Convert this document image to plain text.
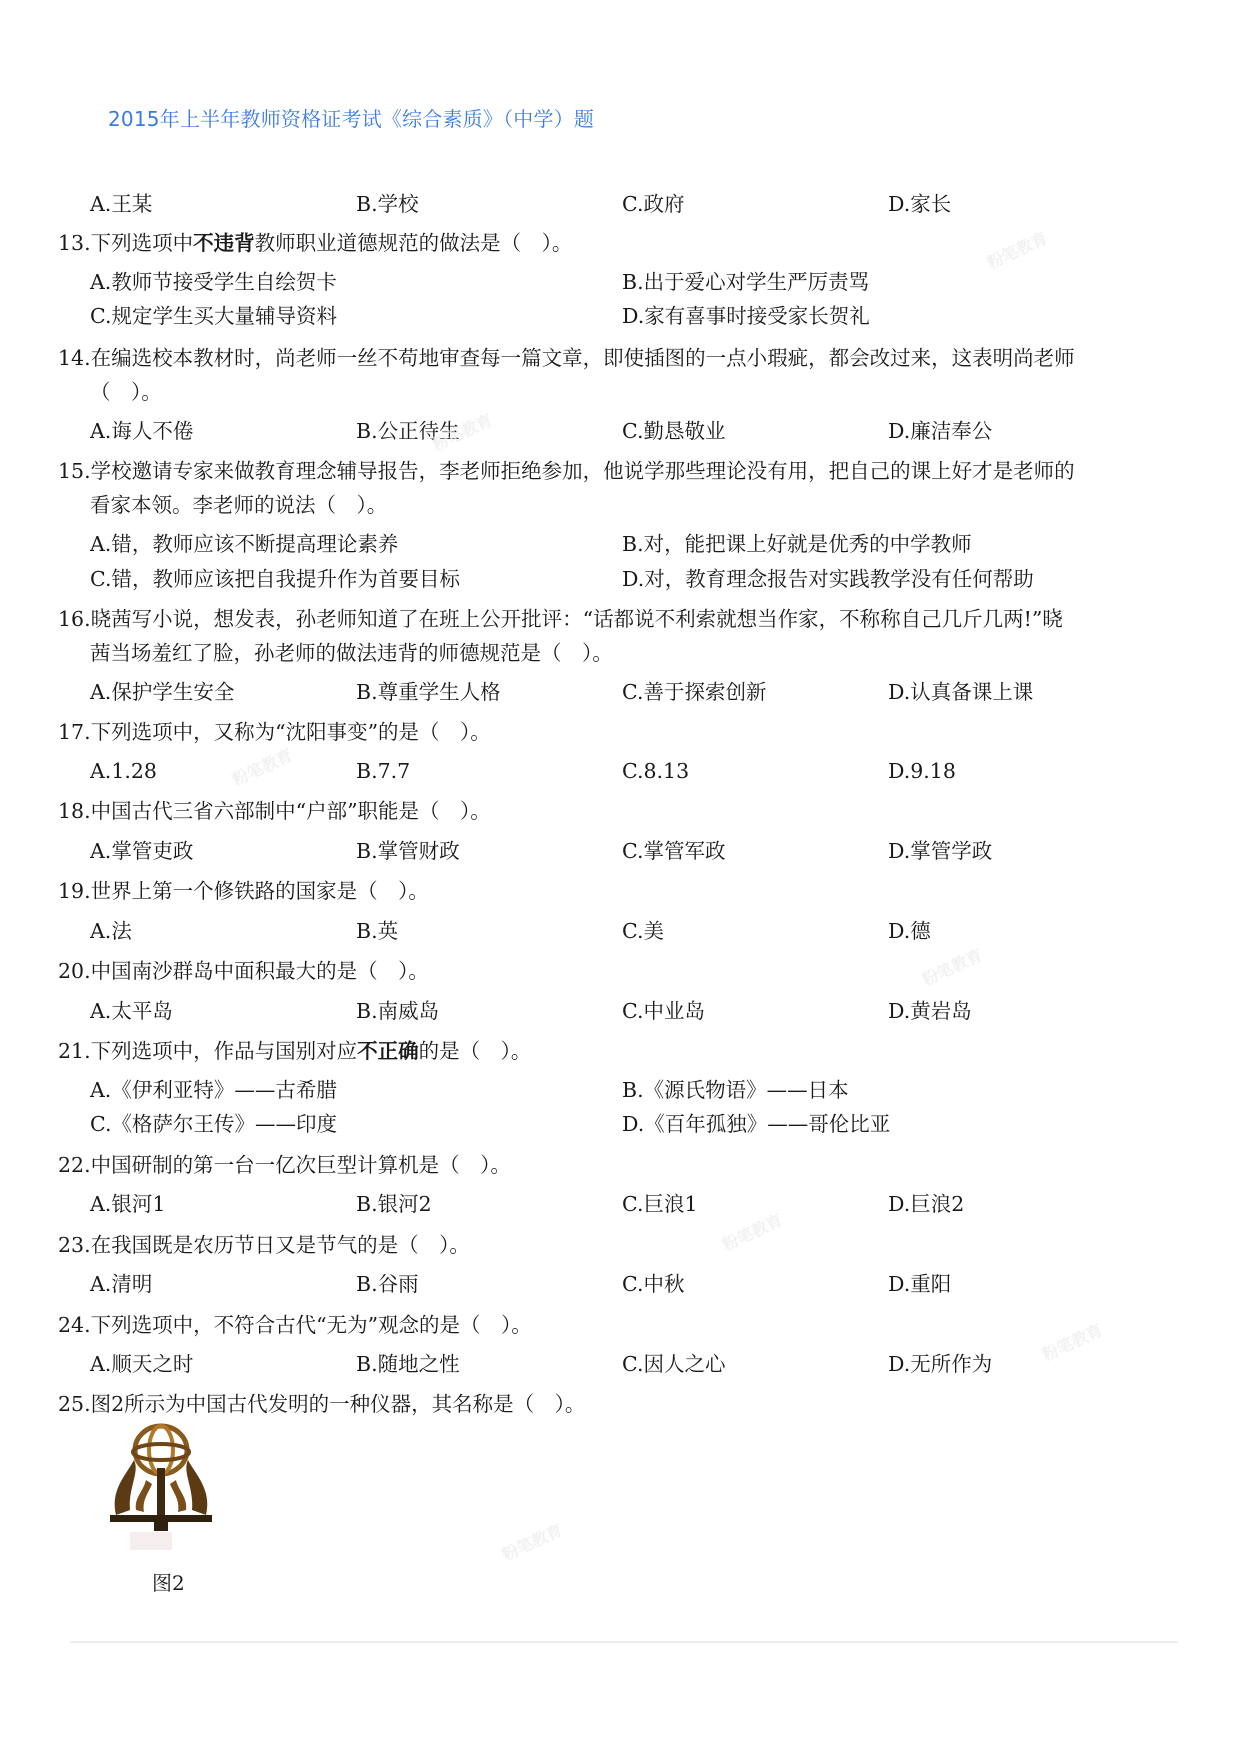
2015年上半年教师资格证考试《综合素质》（中学）题
A.王某	B.学校	C.政府	D.家长
13.下列选项中不违背教师职业道德规范的做法是（　）。
A.教师节接受学生自绘贺卡	B.出于爱心对学生严厉责骂
C.规定学生买大量辅导资料	D.家有喜事时接受家长贺礼
14.在编选校本教材时，尚老师一丝不苟地审查每一篇文章，即使插图的一点小瑕疵，都会改过来，这表明尚老师
（　）。
A.诲人不倦	B.公正待生	C.勤恳敬业	D.廉洁奉公
15.学校邀请专家来做教育理念辅导报告，李老师拒绝参加，他说学那些理论没有用，把自己的课上好才是老师的
看家本领。李老师的说法（　）。
A.错，教师应该不断提高理论素养	B.对，能把课上好就是优秀的中学教师
C.错，教师应该把自我提升作为首要目标	D.对，教育理念报告对实践教学没有任何帮助
16.晓茜写小说，想发表，孙老师知道了在班上公开批评：“话都说不利索就想当作家，不称称自己几斤几两!”晓
茜当场羞红了脸，孙老师的做法违背的师德规范是（　）。
A.保护学生安全	B.尊重学生人格	C.善于探索创新	D.认真备课上课
17.下列选项中，又称为“沈阳事变”的是（　）。
A.1.28	B.7.7	C.8.13	D.9.18
18.中国古代三省六部制中“户部”职能是（　）。
A.掌管吏政	B.掌管财政	C.掌管军政	D.掌管学政
19.世界上第一个修铁路的国家是（　）。
A.法	B.英	C.美	D.德
20.中国南沙群岛中面积最大的是（　）。
A.太平岛	B.南威岛	C.中业岛	D.黄岩岛
21.下列选项中，作品与国别对应不正确的是（　）。
A.《伊利亚特》——古希腊	B.《源氏物语》——日本
C.《格萨尔王传》——印度	D.《百年孤独》——哥伦比亚
22.中国研制的第一台一亿次巨型计算机是（　）。
A.银河1	B.银河2	C.巨浪1	D.巨浪2
23.在我国既是农历节日又是节气的是（　）。
A.清明	B.谷雨	C.中秋	D.重阳
24.下列选项中，不符合古代“无为”观念的是（　）。
A.顺天之时	B.随地之性	C.因人之心	D.无所作为
25.图2所示为中国古代发明的一种仪器，其名称是（　）。
图2
粉笔教育
粉笔教育
粉笔教育
粉笔教育
粉笔教育
粉笔教育
粉笔教育
